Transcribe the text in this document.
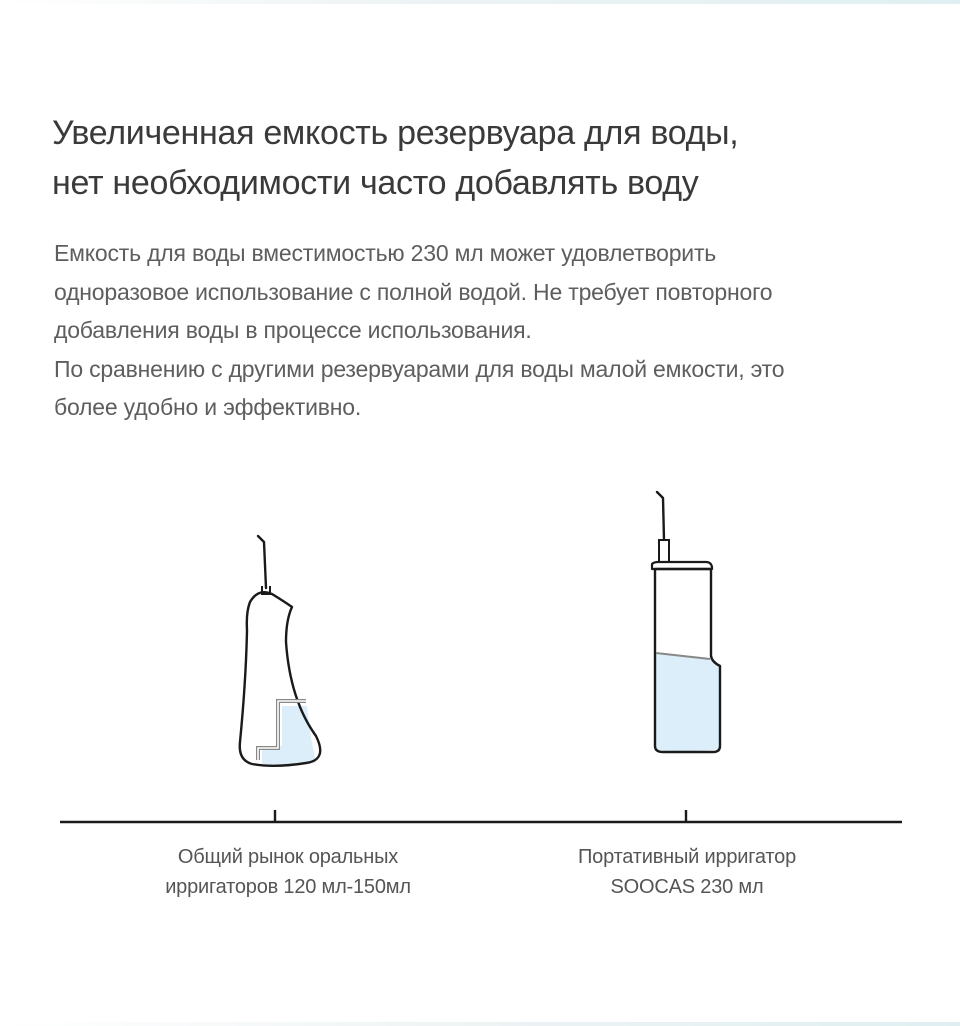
Увеличенная емкость резервуара для воды,
нет необходимости часто добавлять воду

Емкость для воды вместимостью 230 мл может удовлетворить
одноразовое использование с полной водой. Не требует повторного
добавления воды в процессе использования.
По сравнению с другими резервуарами для воды малой емкости, это
более удобно и эффективно.

Общий рынок оральных
ирригаторов 120 мл-150мл
Портативный ирригатор
SOOCAS 230 мл
